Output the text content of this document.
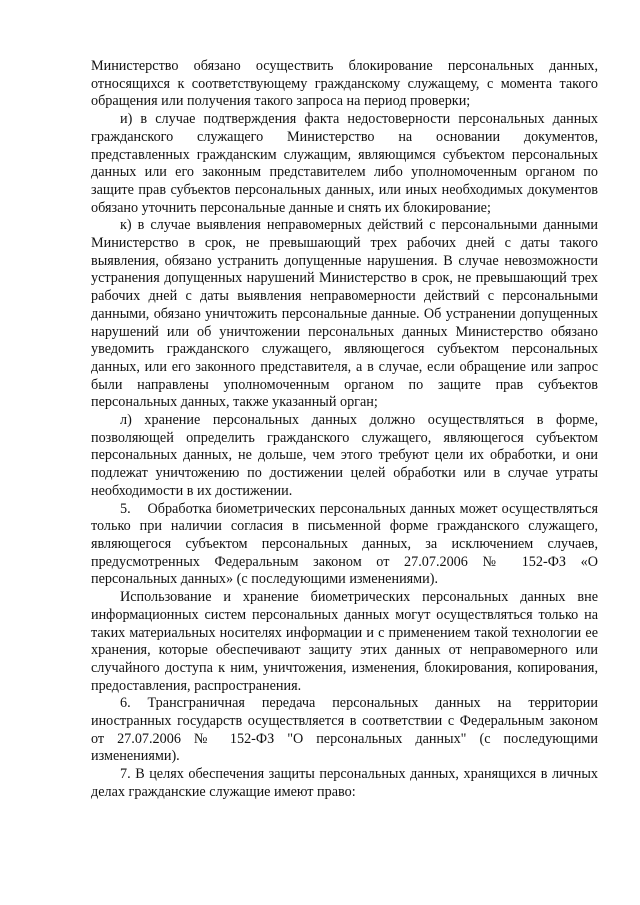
Министерство обязано осуществить блокирование персональных данных, относящихся к соответствующему гражданскому служащему, с момента такого обращения или получения такого запроса на период проверки;

и) в случае подтверждения факта недостоверности персональных данных гражданского служащего Министерство на основании документов, представленных гражданским служащим, являющимся субъектом персональных данных или его законным представителем либо уполномоченным органом по защите прав субъектов персональных данных, или иных необходимых документов обязано уточнить персональные данные и снять их блокирование;

к) в случае выявления неправомерных действий с персональными данными Министерство в срок, не превышающий трех рабочих дней с даты такого выявления, обязано устранить допущенные нарушения. В случае невозможности устранения допущенных нарушений Министерство в срок, не превышающий трех рабочих дней с даты выявления неправомерности действий с персональными данными, обязано уничтожить персональные данные. Об устранении допущенных нарушений или об уничтожении персональных данных Министерство обязано уведомить гражданского служащего, являющегося субъектом персональных данных, или его законного представителя, а в случае, если обращение или запрос были направлены уполномоченным органом по защите прав субъектов персональных данных, также указанный орган;

л) хранение персональных данных должно осуществляться в форме, позволяющей определить гражданского служащего, являющегося субъектом персональных данных, не дольше, чем этого требуют цели их обработки, и они подлежат уничтожению по достижении целей обработки или в случае утраты необходимости в их достижении.

5.    Обработка биометрических персональных данных может осуществляться только при наличии согласия в письменной форме гражданского служащего, являющегося субъектом персональных данных, за исключением случаев, предусмотренных Федеральным законом от 27.07.2006 № 152-ФЗ «О персональных данных» (с последующими изменениями).

Использование и хранение биометрических персональных данных вне информационных систем персональных данных могут осуществляться только на таких материальных носителях информации и с применением такой технологии ее хранения, которые обеспечивают защиту этих данных от неправомерного или случайного доступа к ним, уничтожения, изменения, блокирования, копирования, предоставления, распространения.

6. Трансграничная передача персональных данных на территории иностранных государств осуществляется в соответствии с Федеральным законом от 27.07.2006 № 152-ФЗ "О персональных данных" (с последующими изменениями).

7. В целях обеспечения защиты персональных данных, хранящихся в личных делах гражданские служащие имеют право:
